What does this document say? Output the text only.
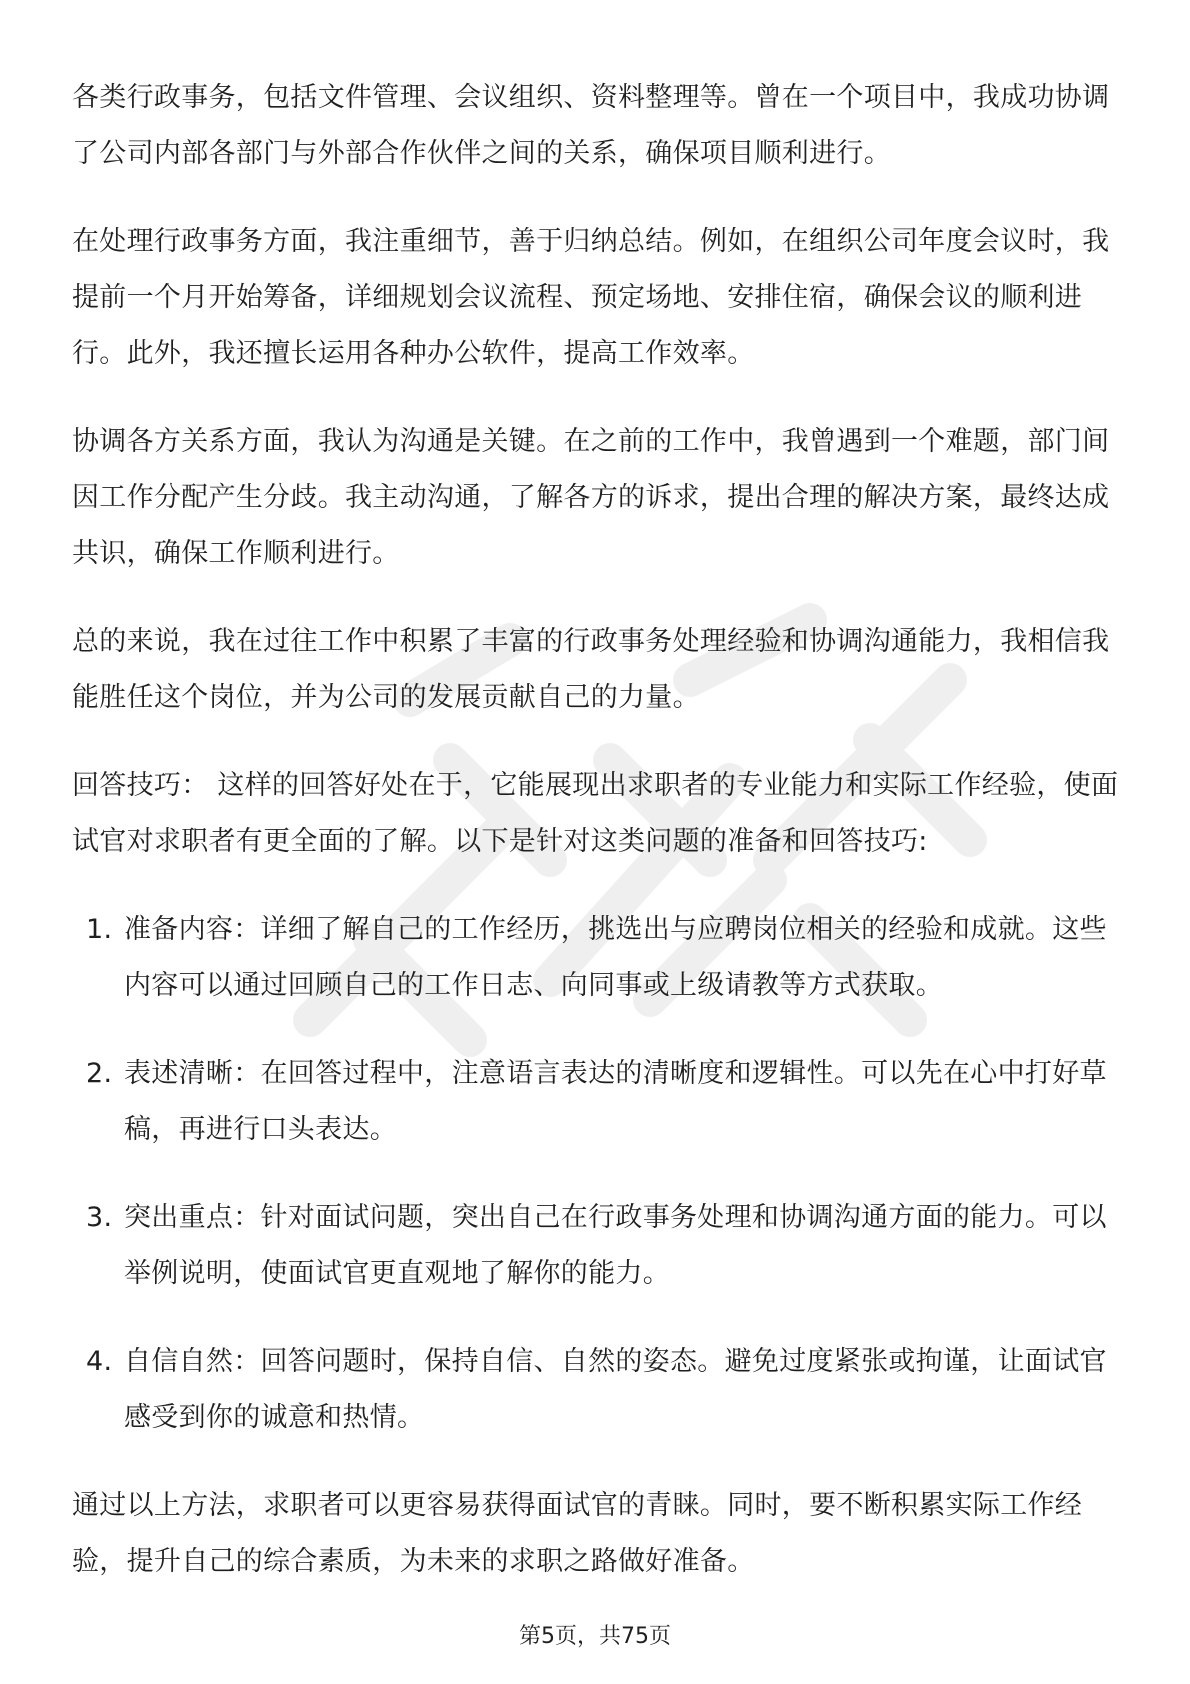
各类行政事务，包括文件管理、会议组织、资料整理等。曾在一个项目中，我成功协调了公司内部各部门与外部合作伙伴之间的关系，确保项目顺利进行。

在处理行政事务方面，我注重细节，善于归纳总结。例如，在组织公司年度会议时，我提前一个月开始筹备，详细规划会议流程、预定场地、安排住宿，确保会议的顺利进行。此外，我还擅长运用各种办公软件，提高工作效率。

协调各方关系方面，我认为沟通是关键。在之前的工作中，我曾遇到一个难题，部门间因工作分配产生分歧。我主动沟通，了解各方的诉求，提出合理的解决方案，最终达成共识，确保工作顺利进行。

总的来说，我在过往工作中积累了丰富的行政事务处理经验和协调沟通能力，我相信我能胜任这个岗位，并为公司的发展贡献自己的力量。

回答技巧： 这样的回答好处在于，它能展现出求职者的专业能力和实际工作经验，使面试官对求职者有更全面的了解。以下是针对这类问题的准备和回答技巧:

1. 准备内容：详细了解自己的工作经历，挑选出与应聘岗位相关的经验和成就。这些内容可以通过回顾自己的工作日志、向同事或上级请教等方式获取。
2. 表述清晰：在回答过程中，注意语言表达的清晰度和逻辑性。可以先在心中打好草稿，再进行口头表达。
3. 突出重点：针对面试问题，突出自己在行政事务处理和协调沟通方面的能力。可以举例说明，使面试官更直观地了解你的能力。
4. 自信自然：回答问题时，保持自信、自然的姿态。避免过度紧张或拘谨，让面试官感受到你的诚意和热情。

通过以上方法，求职者可以更容易获得面试官的青睐。同时，要不断积累实际工作经验，提升自己的综合素质，为未来的求职之路做好准备。

第5页，共75页
